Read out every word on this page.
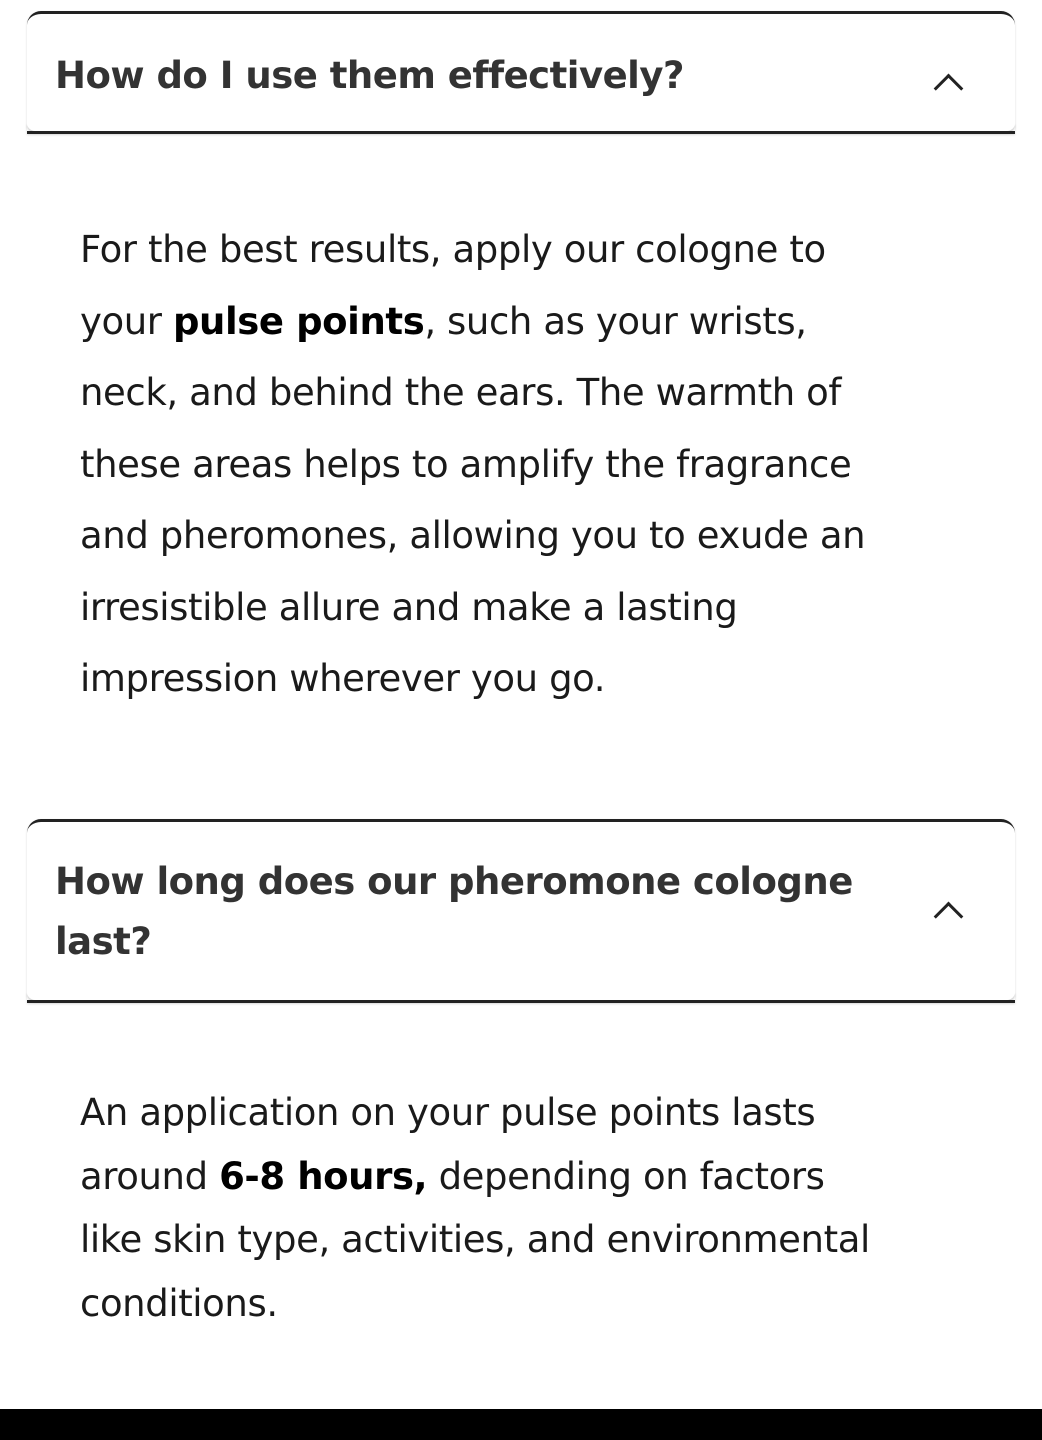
How do I use them effectively?
For the best results, apply our cologne to
your pulse points, such as your wrists,
neck, and behind the ears. The warmth of
these areas helps to amplify the fragrance
and pheromones, allowing you to exude an
irresistible allure and make a lasting
impression wherever you go.
How long does our pheromone cologne
last?
An application on your pulse points lasts
around 6-8 hours, depending on factors
like skin type, activities, and environmental
conditions.
